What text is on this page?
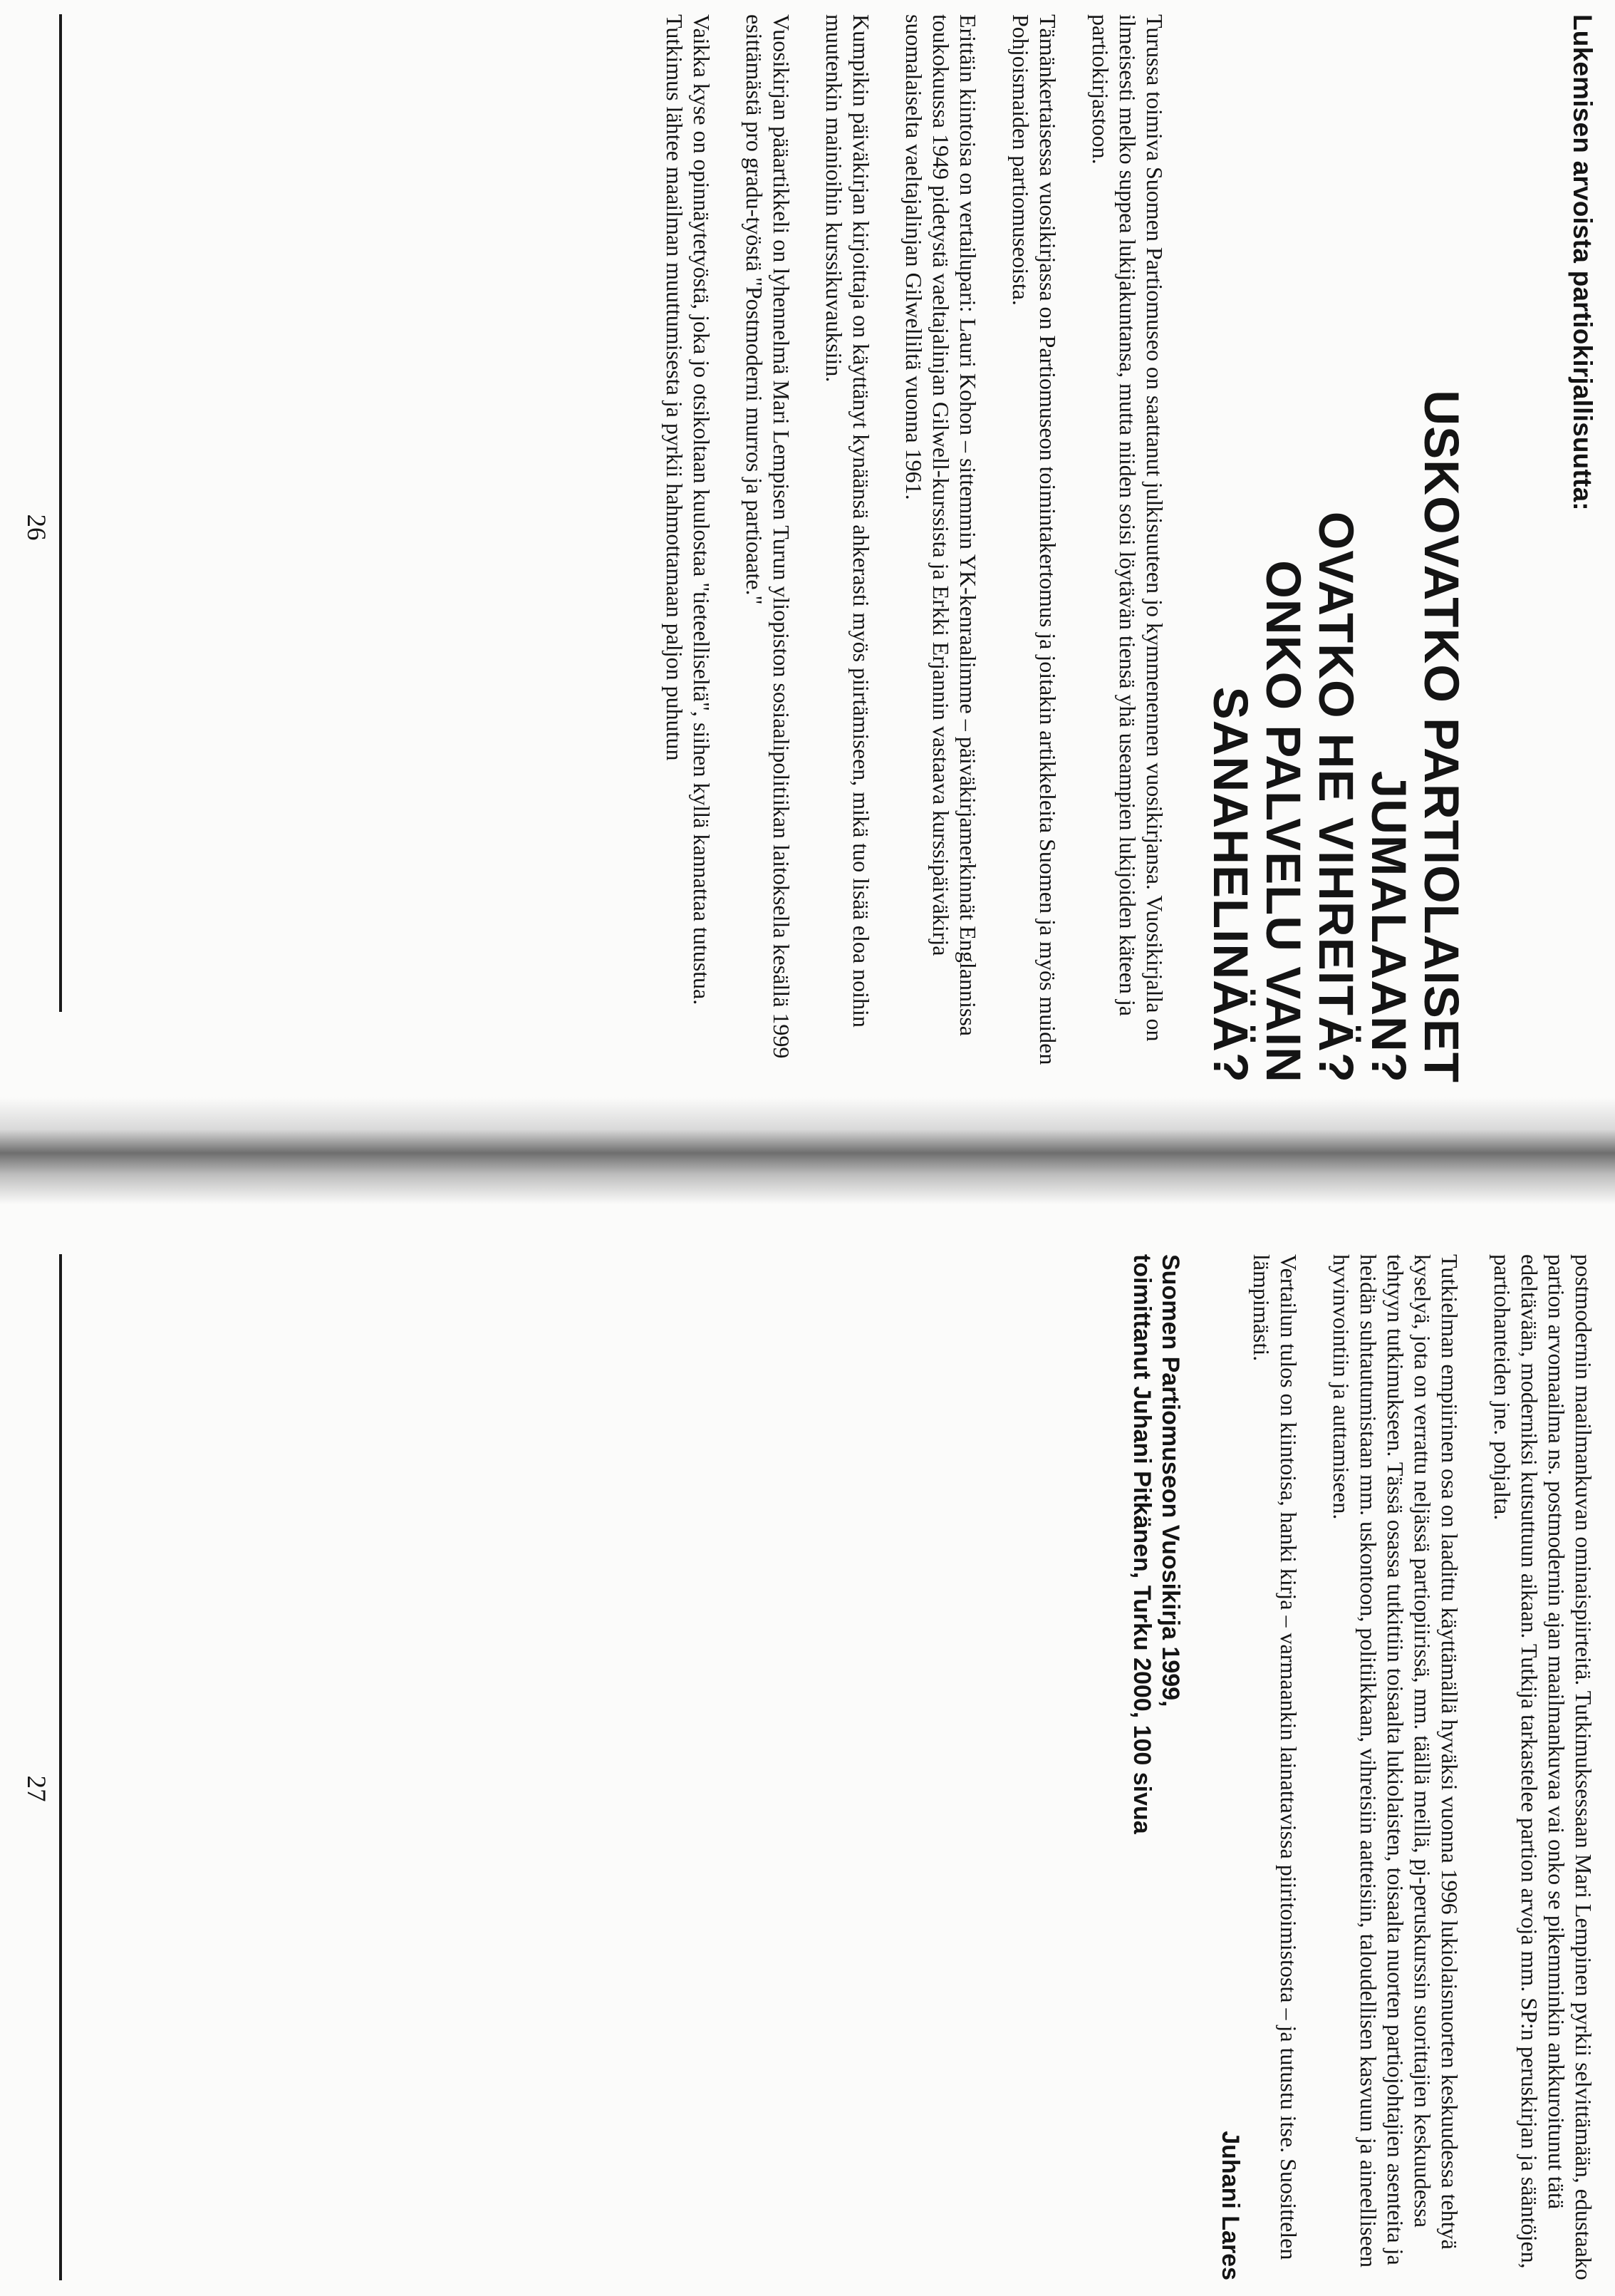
Lukemisen arvoista partiokirjallisuutta:
USKOVATKO PARTIOLAISET
JUMALAAN?
OVATKO HE VIHREITÄ?
ONKO PALVELU VAIN
SANAHELINÄÄ?

Turussa toimiva Suomen Partiomuseo on saattanut julkisuuteen jo kymmenennen vuosikirjansa. Vuosikirjalla on ilmeisesti melko suppea lukijakuntansa, mutta niiden soisi löytävän tiensä yhä useampien lukijoiden käteen ja partiokirjastoon.

Tämänkertaisessa vuosikirjassa on Partiomuseon toimintakertomus ja joitakin artikkeleita Suomen ja myös muiden Pohjoismaiden partiomuseoista.

Erittäin kiintoisa on vertailupari: Lauri Kohon – sittemmin YK-kenraalimme – päiväkirjamerkinnät Englannissa toukokuussa 1949 pidetystä vaeltajalinjan Gilwell-kurssista ja Erkki Erjannin vastaava kurssipäiväkirja suomalaiselta vaeltajalinjan Gilwelliltä vuonna 1961.

Kumpikin päiväkirjan kirjoittaja on käyttänyt kynäänsä ahkerasti myös piirtämiseen, mikä tuo lisää eloa noihin muutenkin mainioihin kurssikuvauksiin.

Vuosikirjan pääartikkeli on lyhennelmä Mari Lempisen Turun yliopiston sosiaalipolitiikan laitoksella kesällä 1999 esittämästä pro gradu-työstä "Postmoderni murros ja partioaate."

Vaikka kyse on opinnäytetyöstä, joka jo otsikoltaan kuulostaa "tieteelliseltä", siihen kyllä kannattaa tutustua. Tutkimus lähtee maailman muuttumisesta ja pyrkii hahmottamaan paljon puhutun

26

postmodernin maailmankuvan ominaispiirteitä. Tutkimuksessaan Mari Lempinen pyrkii selvittämään, edustaako partion arvomaailma ns. postmodernin ajan maailmankuvaa vai onko se pikemminkin ankkuroitunut tätä edeltävään, moderniksi kutsuttuun aikaan. Tutkija tarkastelee partion arvoja mm. SP:n peruskirjan ja sääntöjen, partiohanteiden jne. pohjalta.

Tutkielman empiirinen osa on laadittu käyttämällä hyväksi vuonna 1996 lukiolaisnuorten keskuudessa tehtyä kyselyä, jota on verrattu neljässä partiopiirissä, mm. täällä meillä, pj-peruskurssin suorittajien keskuudessa tehtyyn tutkimukseen. Tässä osassa tutkittiin toisaalta lukiolaisten, toisaalta nuorten partiojohtajien asenteita ja heidän suhtautumistaan mm. uskontoon, politiikkaan, vihreisiin aatteisiin, taloudellisen kasvuun ja aineelliseen hyvinvointiin ja auttamiseen.

Vertailun tulos on kiintoisa, hanki kirja – varmaankin lainattavissa piiritoimistosta – ja tutustu itse. Suosittelen lämpimästi.

Juhani Lares
Suomen Partiomuseon Vuosikirja 1999,
toimittanut Juhani Pitkänen, Turku 2000, 100 sivua
27
